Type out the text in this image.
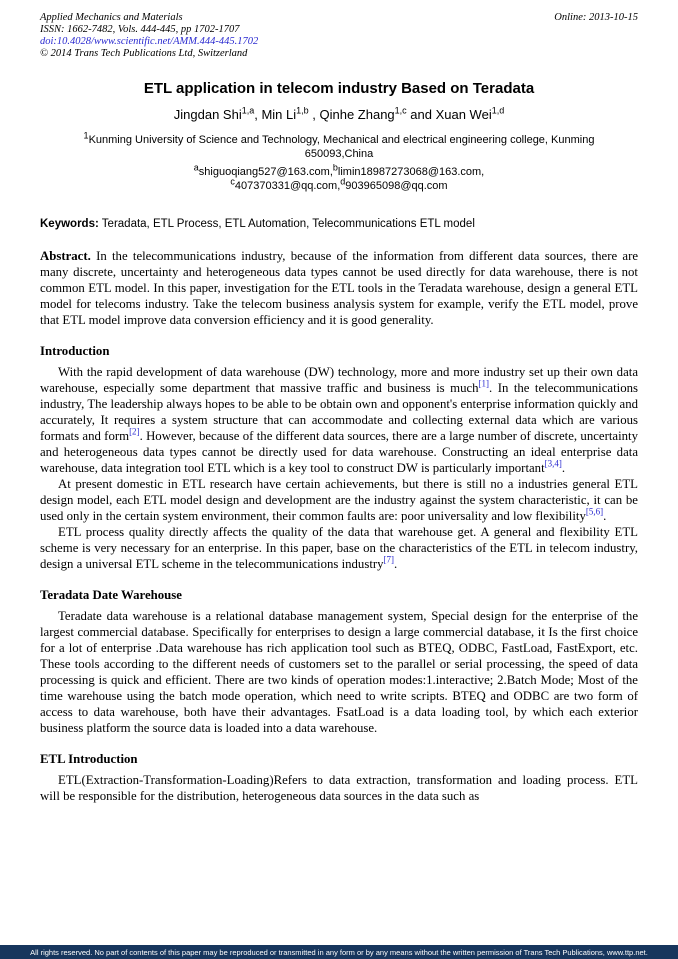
Applied Mechanics and Materials
ISSN: 1662-7482, Vols. 444-445, pp 1702-1707
doi:10.4028/www.scientific.net/AMM.444-445.1702
© 2014 Trans Tech Publications Ltd, Switzerland
Online: 2013-10-15
ETL application in telecom industry Based on Teradata
Jingdan Shi$^{1,a}$, Min Li$^{1,b}$ , Qinhe Zhang$^{1,c}$ and Xuan Wei$^{1,d}$
$^1$Kunming University of Science and Technology, Mechanical and electrical engineering college, Kunming 650093,China
$^a$shiguoqiang527@163.com,$^b$limin18987273068@163.com,
$^c$407370331@qq.com,$^d$903965098@qq.com
Keywords: Teradata, ETL Process, ETL Automation, Telecommunications ETL model

Abstract. In the telecommunications industry, because of the information from different data sources, there are many discrete, uncertainty and heterogeneous data types cannot be used directly for data warehouse, there is not common ETL model. In this paper, investigation for the ETL tools in the Teradata warehouse, design a general ETL model for telecoms industry. Take the telecom business analysis system for example, verify the ETL model, prove that ETL model improve data conversion efficiency and it is good generality.

Introduction

With the rapid development of data warehouse (DW) technology, more and more industry set up their own data warehouse, especially some department that massive traffic and business is much[1]. In the telecommunications industry, The leadership always hopes to be able to be obtain own and opponent's enterprise information quickly and accurately, It requires a system structure that can accommodate and collecting external data which are various formats and form[2]. However, because of the different data sources, there are a large number of discrete, uncertainty and heterogeneous data types cannot be directly used for data warehouse. Constructing an ideal enterprise data warehouse, data integration tool ETL which is a key tool to construct DW is particularly important[3,4].

At present domestic in ETL research have certain achievements, but there is still no a industries general ETL design model, each ETL model design and development are the industry against the system characteristic, it can be used only in the certain system environment, their common faults are: poor universality and low flexibility[5,6].

ETL process quality directly affects the quality of the data that warehouse get. A general and flexibility ETL scheme is very necessary for an enterprise. In this paper, base on the characteristics of the ETL in telecom industry, design a universal ETL scheme in the telecommunications industry[7].

Teradata Date Warehouse

Teradate data warehouse is a relational database management system, Special design for the enterprise of the largest commercial database. Specifically for enterprises to design a large commercial database, it Is the first choice for a lot of enterprise .Data warehouse has rich application tool such as BTEQ, ODBC, FastLoad, FastExport, etc. These tools according to the different needs of customers set to the parallel or serial processing, the speed of data processing is quick and efficient. There are two kinds of operation modes:1.interactive; 2.Batch Mode; Most of the time warehouse using the batch mode operation, which need to write scripts. BTEQ and ODBC are two form of access to data warehouse, both have their advantages. FsatLoad is a data loading tool, by which each exterior business platform the source data is loaded into a data warehouse.

ETL Introduction

ETL(Extraction-Transformation-Loading)Refers to data extraction, transformation and loading process. ETL will be responsible for the distribution, heterogeneous data sources in the data such as

All rights reserved. No part of contents of this paper may be reproduced or transmitted in any form or by any means without the written permission of Trans Tech Publications, www.ttp.net.
